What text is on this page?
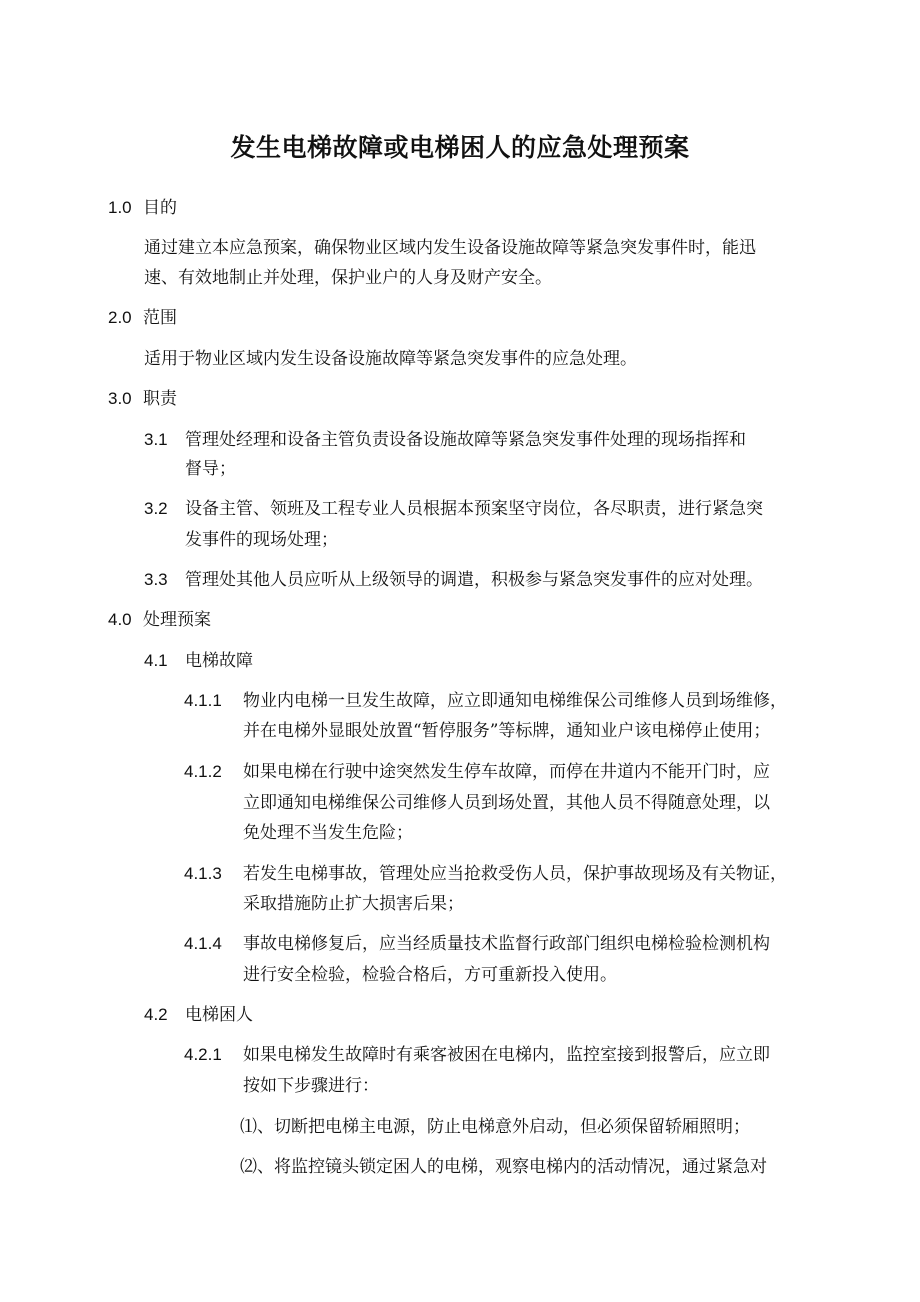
发生电梯故障或电梯困人的应急处理预案
1.0 目的
通过建立本应急预案，确保物业区域内发生设备设施故障等紧急突发事件时，能迅
速、有效地制止并处理，保护业户的人身及财产安全。
2.0 范围
适用于物业区域内发生设备设施故障等紧急突发事件的应急处理。
3.0 职责
3.1 管理处经理和设备主管负责设备设施故障等紧急突发事件处理的现场指挥和
督导；
3.2 设备主管、领班及工程专业人员根据本预案坚守岗位，各尽职责，进行紧急突
发事件的现场处理；
3.3 管理处其他人员应听从上级领导的调遣，积极参与紧急突发事件的应对处理。
4.0 处理预案
4.1 电梯故障
4.1.1 物业内电梯一旦发生故障，应立即通知电梯维保公司维修人员到场维修，
并在电梯外显眼处放置“暂停服务”等标牌，通知业户该电梯停止使用；
4.1.2 如果电梯在行驶中途突然发生停车故障，而停在井道内不能开门时，应
立即通知电梯维保公司维修人员到场处置，其他人员不得随意处理，以
免处理不当发生危险；
4.1.3 若发生电梯事故，管理处应当抢救受伤人员，保护事故现场及有关物证，
采取措施防止扩大损害后果；
4.1.4 事故电梯修复后，应当经质量技术监督行政部门组织电梯检验检测机构
进行安全检验，检验合格后，方可重新投入使用。
4.2 电梯困人
4.2.1 如果电梯发生故障时有乘客被困在电梯内，监控室接到报警后，应立即
按如下步骤进行：
⑴、切断把电梯主电源，防止电梯意外启动，但必须保留轿厢照明；
⑵、将监控镜头锁定困人的电梯，观察电梯内的活动情况，通过紧急对
